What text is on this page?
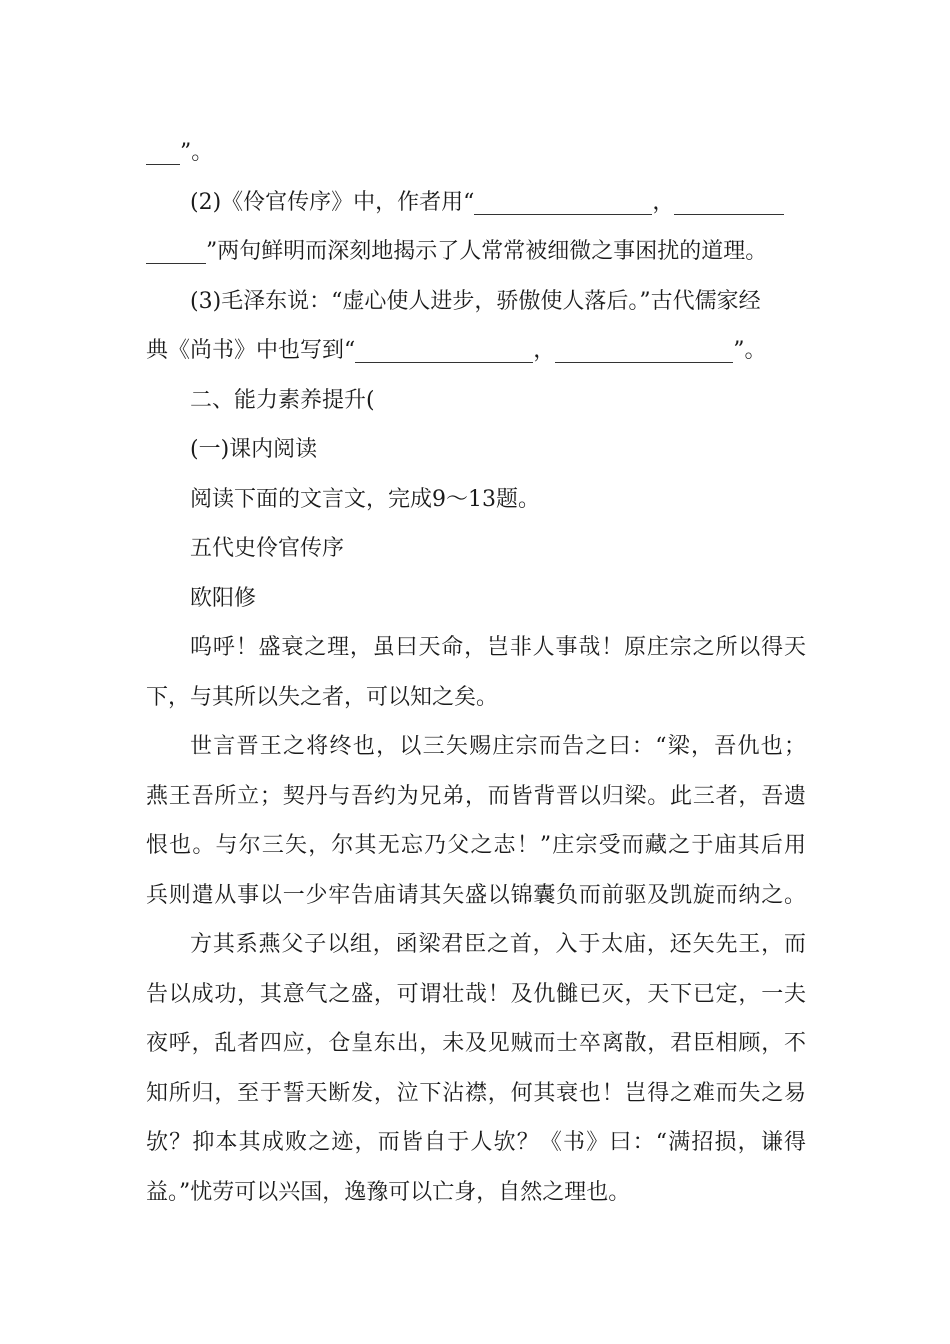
”。
(2)《伶官传序》中，作者用“	，
”两句鲜明而深刻地揭示了人常常被细微之事困扰的道理。
(3)毛泽东说：“虚心使人进步，骄傲使人落后。”古代儒家经
典《尚书》中也写到“	，	”。
二、能力素养提升(
(一)课内阅读
阅读下面的文言文，完成9～13题。
五代史伶官传序
欧阳修
呜呼！盛衰之理，虽曰天命，岂非人事哉！原庄宗之所以得天
下，与其所以失之者，可以知之矣。
世言晋王之将终也，以三矢赐庄宗而告之曰：“梁，吾仇也；
燕王吾所立；契丹与吾约为兄弟，而皆背晋以归梁。此三者，吾遗
恨也。与尔三矢，尔其无忘乃父之志！”庄宗受而藏之于庙其后用
兵则遣从事以一少牢告庙请其矢盛以锦囊负而前驱及凯旋而纳之。
方其系燕父子以组，函梁君臣之首，入于太庙，还矢先王，而
告以成功，其意气之盛，可谓壮哉！及仇雠已灭，天下已定，一夫
夜呼，乱者四应，仓皇东出，未及见贼而士卒离散，君臣相顾，不
知所归，至于誓天断发，泣下沾襟，何其衰也！岂得之难而失之易
欤？抑本其成败之迹，而皆自于人欤？《书》曰：“满招损，谦得
益。”忧劳可以兴国，逸豫可以亡身，自然之理也。
